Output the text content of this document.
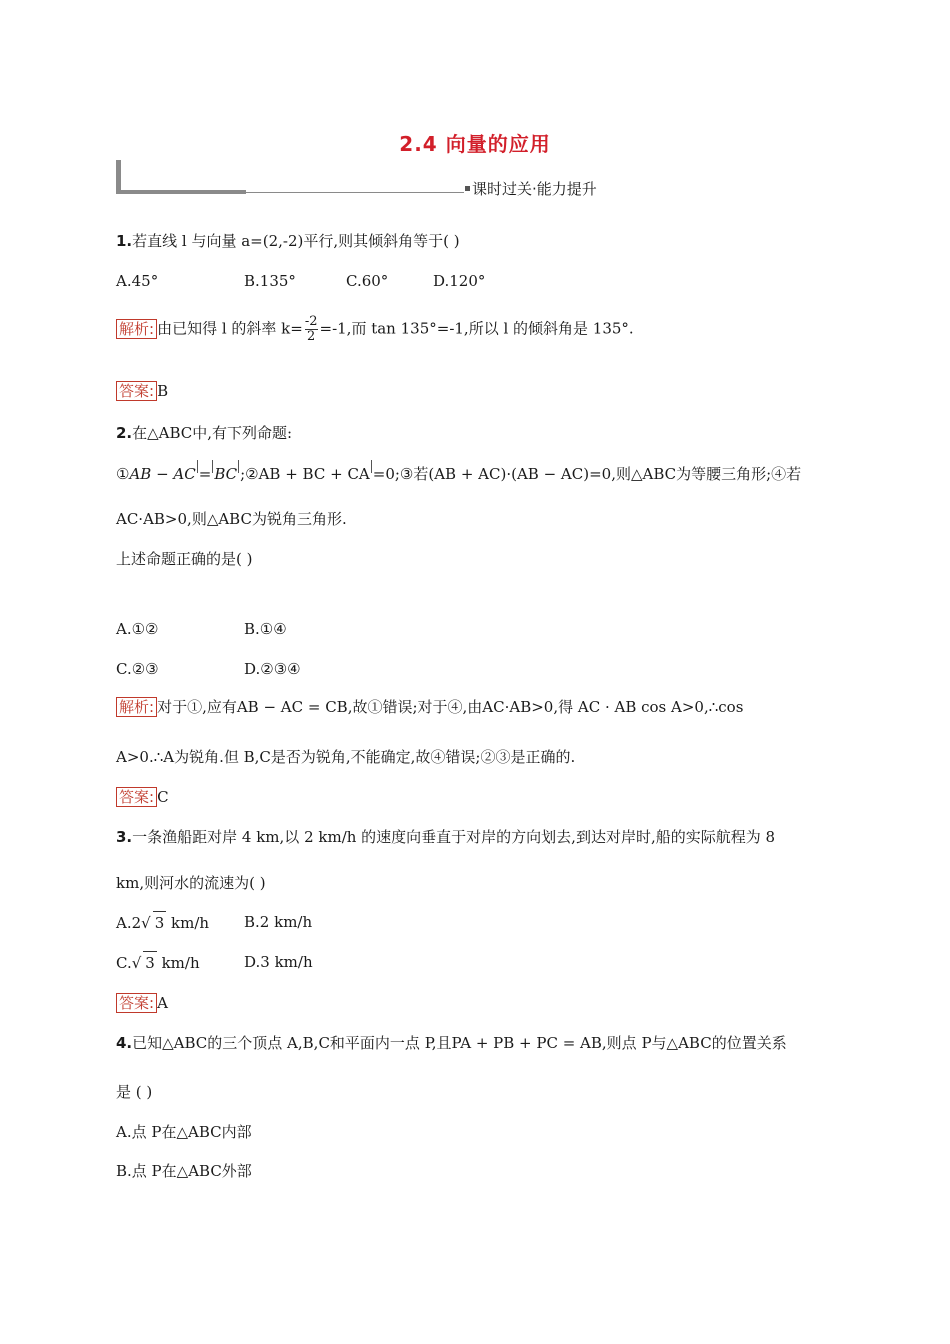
2.4 向量的应用
课时过关·能力提升
1.若直线 l 与向量 a=(2,-2)平行,则其倾斜角等于( )
A.45°	B.135°	C.60°	D.120°
解析: 由已知得 l 的斜率 $k= \frac{-2}{2} =-1$,而 tan 135°=-1,所以 l 的倾斜角是 135°.
答案: B
2.在△ABC中,有下列命题:
①AB − AC = BC ;②AB + BC + CA =0;③若(AB + AC)·(AB − AC)=0,则△ABC为等腰三角形;④若
AC·AB>0,则△ABC为锐角三角形.
上述命题正确的是( )
A.①②	B.①④
C.②③	D.②③④
解析: 对于①,应有AB − AC = CB,故①错误;对于④,由AC·AB>0,得 AC · AB cos A>0,∴cos
A>0.∴A为锐角.但 B,C是否为锐角,不能确定,故④错误;②③是正确的.
答案: C
3.一条渔船距对岸 4 km,以 2 km/h 的速度向垂直于对岸的方向划去,到达对岸时,船的实际航程为 8
km,则河水的流速为( )
A.2√ 3 km/h B.2 km/h
C.√ 3 km/h	D.3 km/h
答案: A
4.已知△ABC的三个顶点 A,B,C和平面内一点 P,且PA + PB + PC = AB,则点 P与△ABC的位置关系
是 ( )
A.点 P在△ABC内部
B.点 P在△ABC外部
